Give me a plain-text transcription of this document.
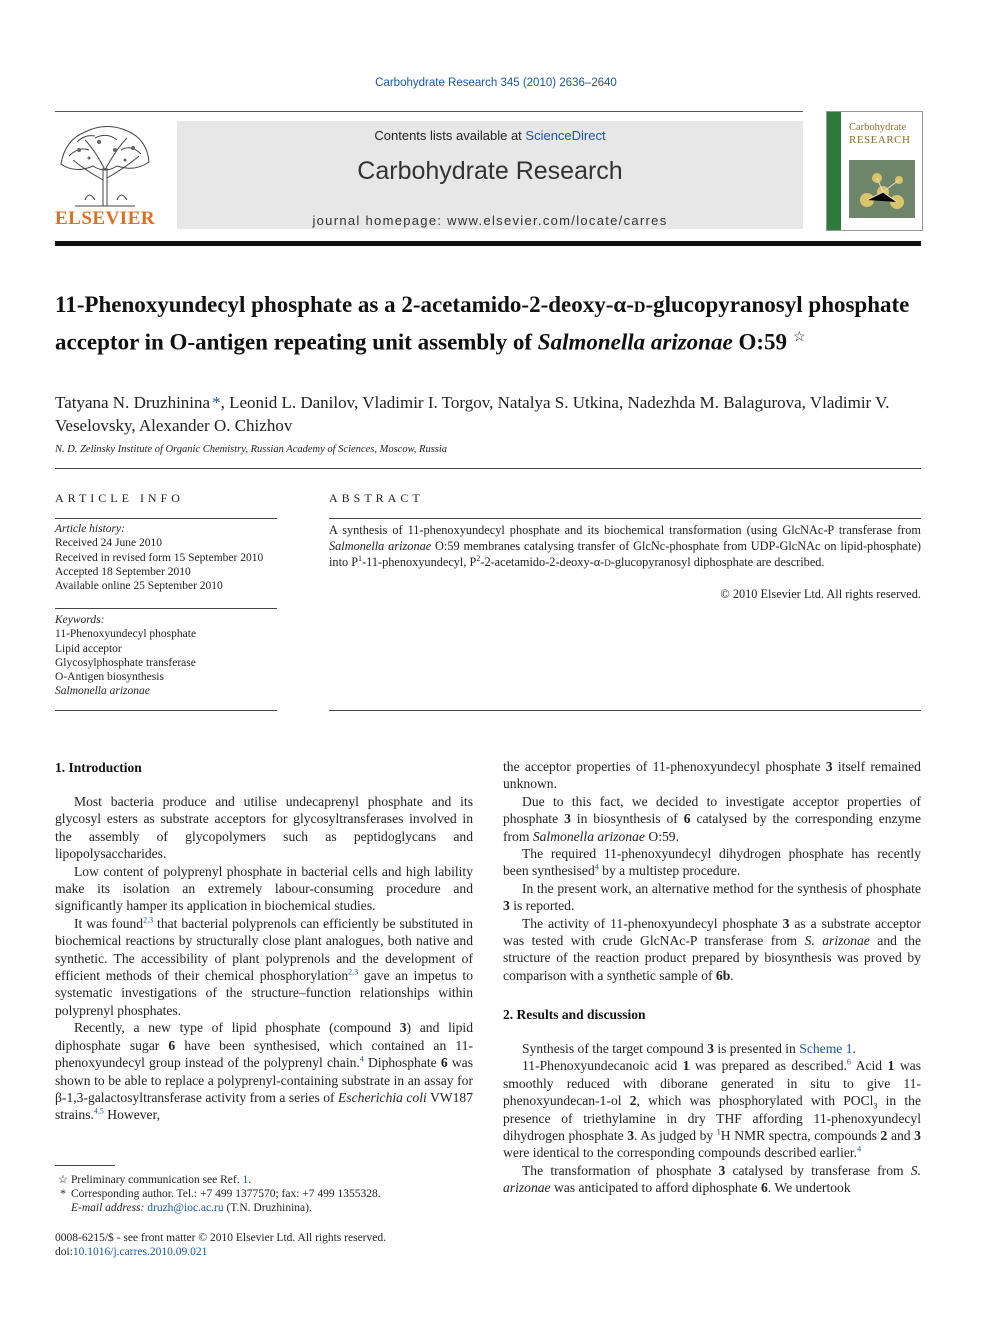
Carbohydrate Research 345 (2010) 2636–2640
ELSEVIER
Contents lists available at ScienceDirect
Carbohydrate Research
journal homepage: www.elsevier.com/locate/carres
Carbohydrate
RESEARCH
11-Phenoxyundecyl phosphate as a 2-acetamido-2-deoxy-α-D-glucopyranosyl phosphate acceptor in O-antigen repeating unit assembly of Salmonella arizonae O:59 ☆
Tatyana N. Druzhinina *, Leonid L. Danilov, Vladimir I. Torgov, Natalya S. Utkina, Nadezhda M. Balagurova, Vladimir V. Veselovsky, Alexander O. Chizhov
N. D. Zelinsky Institute of Organic Chemistry, Russian Academy of Sciences, Moscow, Russia
ARTICLE INFO
Article history:
Received 24 June 2010
Received in revised form 15 September 2010
Accepted 18 September 2010
Available online 25 September 2010
Keywords:
11-Phenoxyundecyl phosphate
Lipid acceptor
Glycosylphosphate transferase
O-Antigen biosynthesis
Salmonella arizonae
ABSTRACT
A synthesis of 11-phenoxyundecyl phosphate and its biochemical transformation (using GlcNAc-P transferase from Salmonella arizonae O:59 membranes catalysing transfer of GlcNc-phosphate from UDP-GlcNAc on lipid-phosphate) into $P^1-11$-phenoxyundecyl, $P^2-2-acetamido-2-deoxy-\alpha-D$-glucopyranosyl diphosphate are described.
© 2010 Elsevier Ltd. All rights reserved.
1. Introduction

Most bacteria produce and utilise undecaprenyl phosphate and its glycosyl esters as substrate acceptors for glycosyltransferases involved in the assembly of glycopolymers such as peptidoglycans and lipopolysaccharides.

Low content of polyprenyl phosphate in bacterial cells and high lability make its isolation an extremely labour-consuming procedure and significantly hamper its application in biochemical studies.

It was found$^{2,3}$ that bacterial polyprenols can efficiently be substituted in biochemical reactions by structurally close plant analogues, both native and synthetic. The accessibility of plant polyprenols and the development of efficient methods of their chemical phosphorylation$^{2,3}$ gave an impetus to systematic investigations of the structure–function relationships within polyprenyl phosphates.

Recently, a new type of lipid phosphate (compound 3) and lipid diphosphate sugar 6 have been synthesised, which contained an 11-phenoxyundecyl group instead of the polyprenyl chain.$^4$ Diphosphate 6 was shown to be able to replace a polyprenyl-containing substrate in an assay for β-1,3-galactosyltransferase activity from a series of Escherichia coli VW187 strains.$^{4,5}$ However,

the acceptor properties of 11-phenoxyundecyl phosphate 3 itself remained unknown.

Due to this fact, we decided to investigate acceptor properties of phosphate 3 in biosynthesis of 6 catalysed by the corresponding enzyme from Salmonella arizonae O:59.

The required 11-phenoxyundecyl dihydrogen phosphate has recently been synthesised$^4$ by a multistep procedure.

In the present work, an alternative method for the synthesis of phosphate 3 is reported.

The activity of 11-phenoxyundecyl phosphate 3 as a substrate acceptor was tested with crude GlcNAc-P transferase from S. arizonae and the structure of the reaction product prepared by biosynthesis was proved by comparison with a synthetic sample of 6b.

2. Results and discussion

Synthesis of the target compound 3 is presented in Scheme 1.

11-Phenoxyundecanoic acid 1 was prepared as described.$^6$ Acid 1 was smoothly reduced with diborane generated in situ to give 11-phenoxyundecan-1-ol 2, which was phosphorylated with POCl$_3$ in the presence of triethylamine in dry THF affording 11-phenoxyundecyl dihydrogen phosphate 3. As judged by $^1$H NMR spectra, compounds 2 and 3 were identical to the corresponding compounds described earlier.$^4$

The transformation of phosphate 3 catalysed by transferase from S. arizonae was anticipated to afford diphosphate 6. We undertook

☆ Preliminary communication see Ref. 1.
* Corresponding author. Tel.: +7 499 1377570; fax: +7 499 1355328.
E-mail address: druzh@ioc.ac.ru (T.N. Druzhinina).
0008-6215/$ - see front matter © 2010 Elsevier Ltd. All rights reserved.
doi:10.1016/j.carres.2010.09.021
